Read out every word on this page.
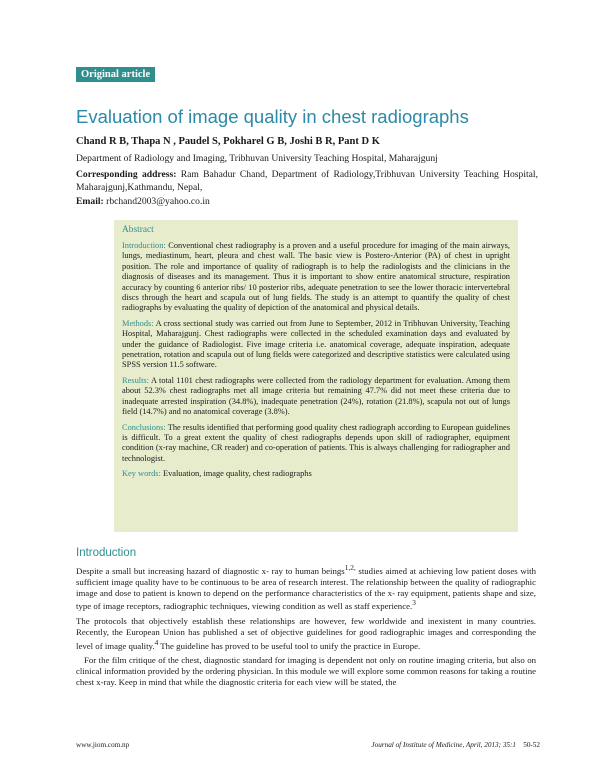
Original article
Evaluation of image quality in chest radiographs
Chand R B, Thapa N , Paudel S, Pokharel G B, Joshi B R, Pant D K
Department of Radiology and Imaging, Tribhuvan University Teaching Hospital, Maharajgunj
Corresponding address: Ram Bahadur Chand, Department of Radiology,Tribhuvan University Teaching Hospital, Maharajgunj,Kathmandu, Nepal,
Email: rbchand2003@yahoo.co.in
Abstract

Introduction: Conventional chest radiography is a proven and a useful procedure for imaging of the main airways, lungs, mediastinum, heart, pleura and chest wall. The basic view is Postero-Anterior (PA) of chest in upright position. The role and importance of quality of radiograph is to help the radiologists and the clinicians in the diagnosis of diseases and its management. Thus it is important to show entire anatomical structure, respiration accuracy by counting 6 anterior ribs/ 10 posterior ribs, adequate penetration to see the lower thoracic intervertebral discs through the heart and scapula out of lung fields. The study is an attempt to quantify the quality of chest radiographs by evaluating the quality of depiction of the anatomical and physical details.

Methods: A cross sectional study was carried out from June to September, 2012 in Tribhuvan University, Teaching Hospital, Maharajgunj. Chest radiographs were collected in the scheduled examination days and evaluated by under the guidance of Radiologist. Five image criteria i.e. anatomical coverage, adequate inspiration, adequate penetration, rotation and scapula out of lung fields were categorized and descriptive statistics were calculated using SPSS version 11.5 software.

Results: A total 1101 chest radiographs were collected from the radiology department for evaluation. Among them about 52.3% chest radiographs met all image criteria but remaining 47.7% did not meet these criteria due to inadequate arrested inspiration (34.8%), inadequate penetration (24%), rotation (21.8%), scapula not out of lungs field (14.7%) and no anatomical coverage (3.8%).

Conclusions: The results identified that performing good quality chest radiograph according to European guidelines is difficult. To a great extent the quality of chest radiographs depends upon skill of radiographer, equipment condition (x-ray machine, CR reader) and co-operation of patients. This is always challenging for radiographer and technologist.

Key words: Evaluation, image quality, chest radiographs

Introduction

Despite a small but increasing hazard of diagnostic x- ray to human beings$^{1,2,}$ studies aimed at achieving low patient doses with sufficient image quality have to be continuous to be area of research interest. The relationship between the quality of radiographic image and dose to patient is known to depend on the performance characteristics of the x- ray equipment, patients shape and size, type of image receptors, radiographic techniques, viewing condition as well as staff experience.$^3$

The protocols that objectively establish these relationships are however, few worldwide and inexistent in many countries. Recently, the European Union has published a set of objective guidelines for good radiographic images and corresponding the level of image quality.$^4$ The guideline has proved to be useful tool to unify the practice in Europe.

For the film critique of the chest, diagnostic standard for imaging is dependent not only on routine imaging criteria, but also on clinical information provided by the ordering physician. In this module we will explore some common reasons for taking a routine chest x-ray. Keep in mind that while the diagnostic criteria for each view will be stated, the

www.jiom.com.np	Journal of Institute of Medicine, April, 2013; 35:1 50-52
